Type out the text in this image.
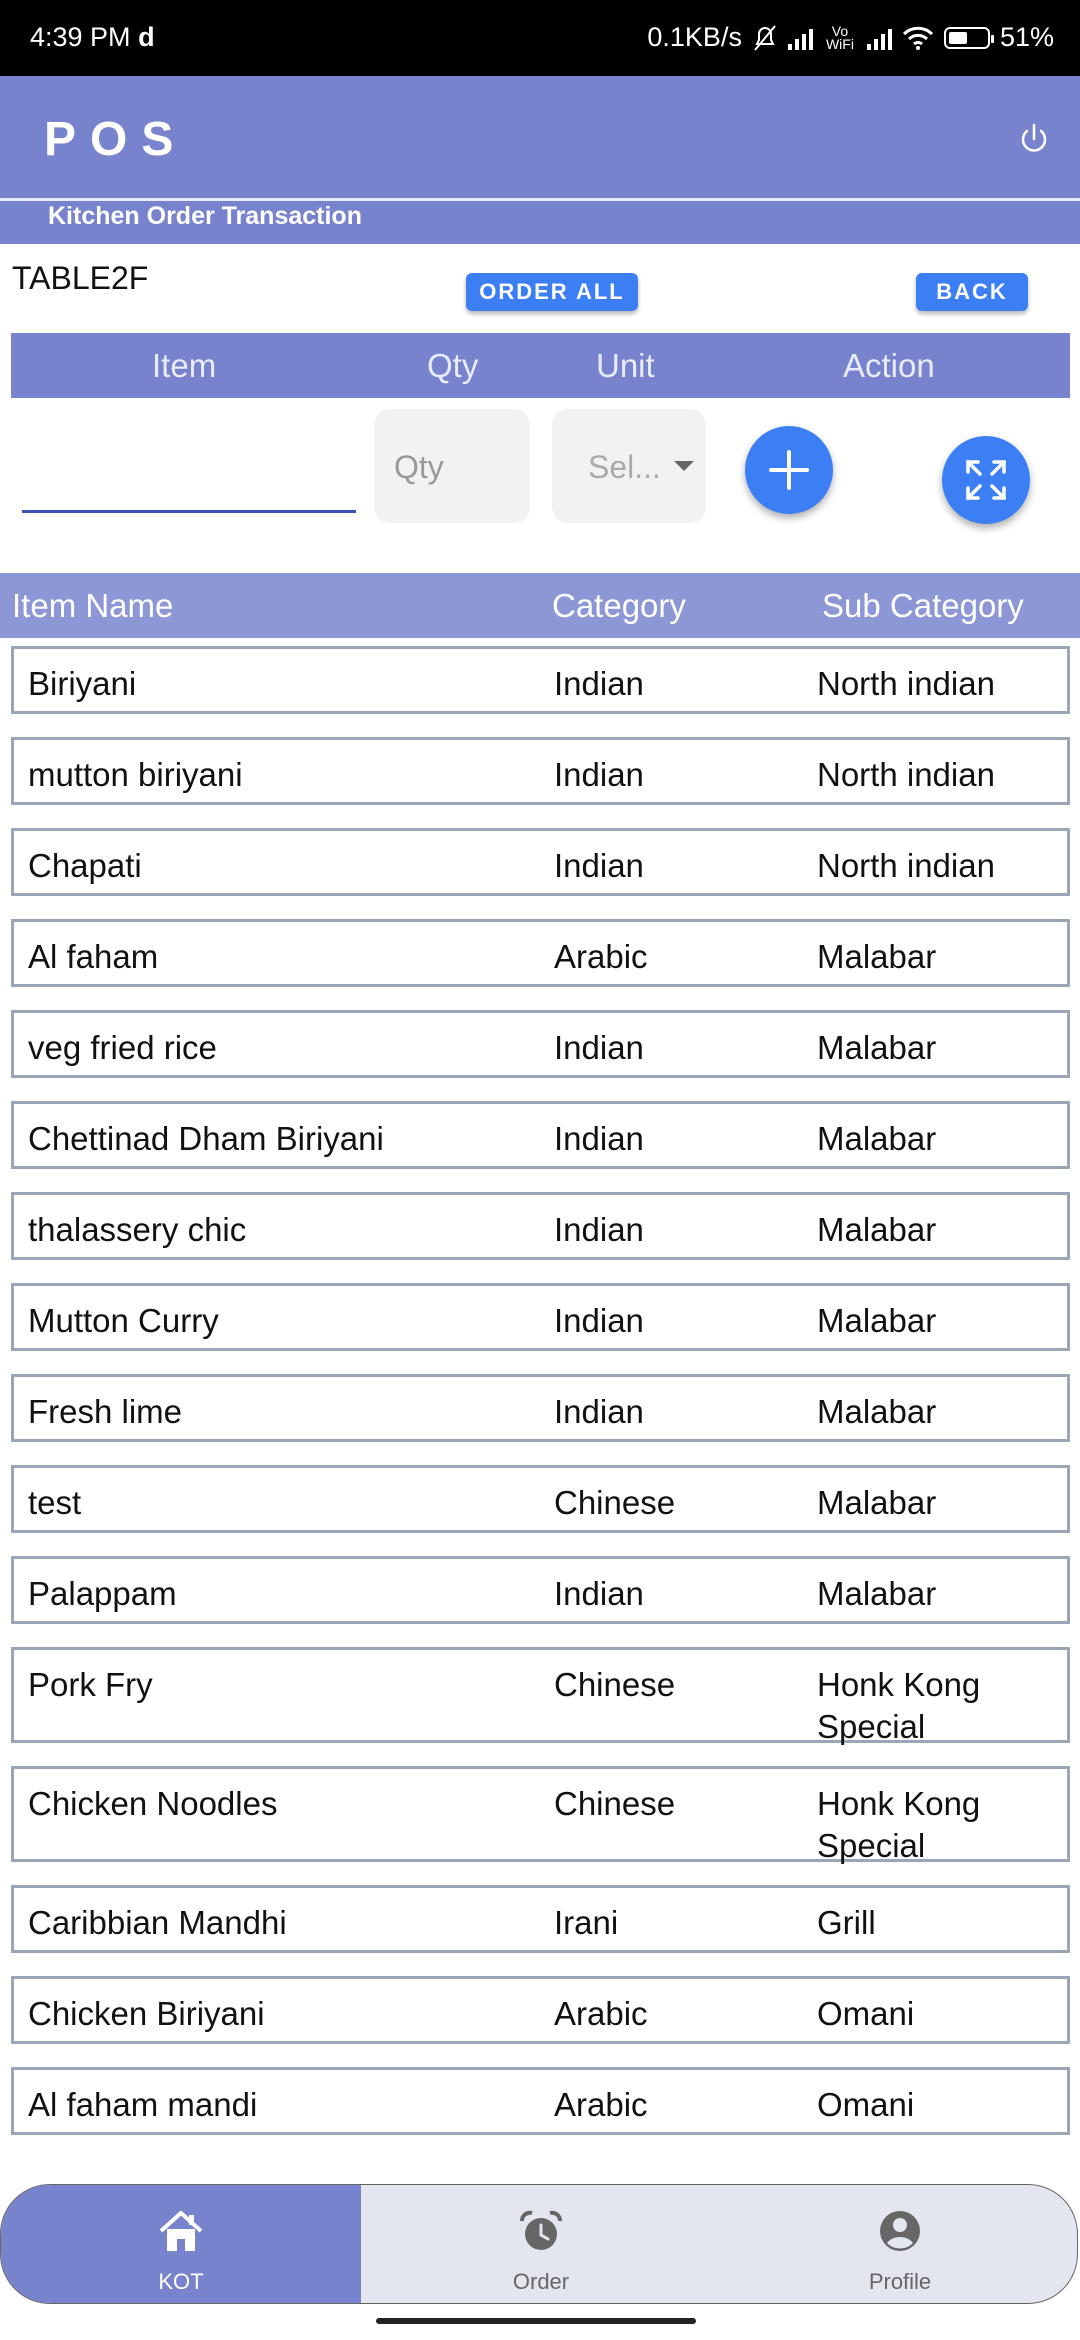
4:39 PM d	0.1KB/s	Vo WiFi	51%
POS
Kitchen Order Transaction
TABLE2F	ORDER ALL	BACK
Item	Qty	Unit	Action
Qty	Sel...
Item Name	Category	Sub Category
Biriyani	Indian	North indian
mutton biriyani	Indian	North indian
Chapati	Indian	North indian
Al faham	Arabic	Malabar
veg fried rice	Indian	Malabar
Chettinad Dham Biriyani	Indian	Malabar
thalassery chic	Indian	Malabar
Mutton Curry	Indian	Malabar
Fresh lime	Indian	Malabar
test	Chinese	Malabar
Palappam	Indian	Malabar
Pork Fry	Chinese	Honk Kong Special
Chicken Noodles	Chinese	Honk Kong Special
Caribbian Mandhi	Irani	Grill
Chicken Biriyani	Arabic	Omani
Al faham mandi	Arabic	Omani
KOT	Order	Profile
